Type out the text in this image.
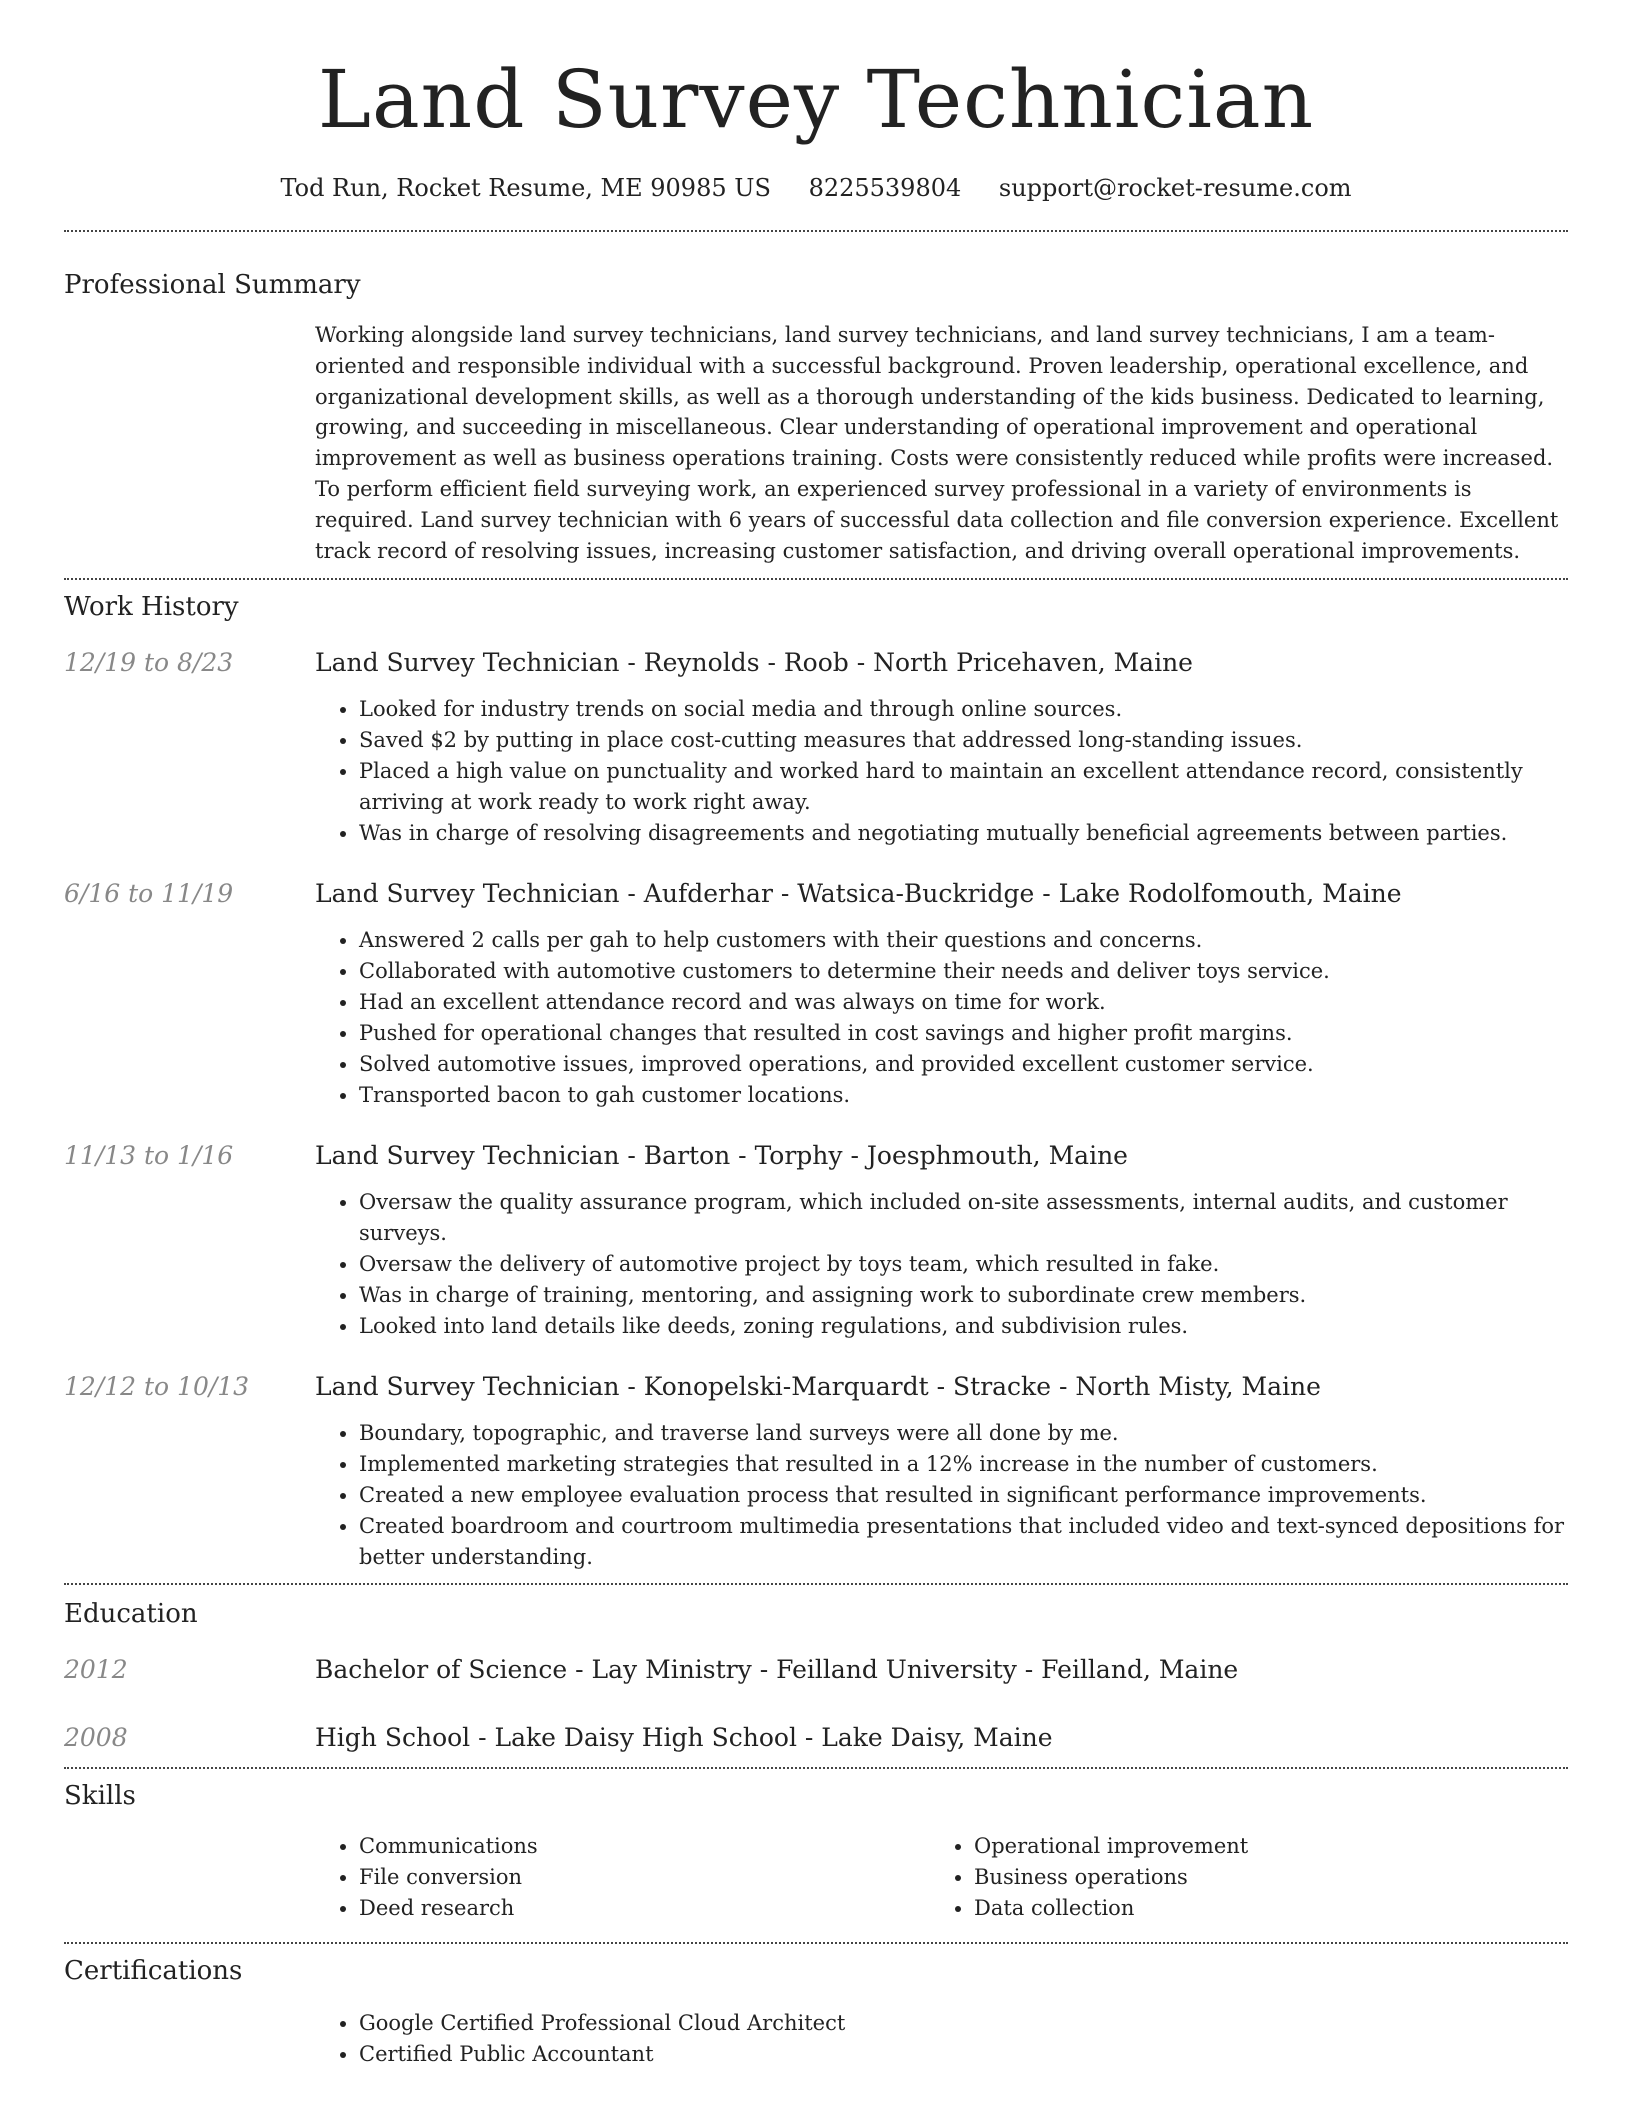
Land Survey Technician
Tod Run, Rocket Resume, ME 90985 US 8225539804 support@rocket-resume.com
Professional Summary
Working alongside land survey technicians, land survey technicians, and land survey technicians, I am a team-oriented and responsible individual with a successful background. Proven leadership, operational excellence, and organizational development skills, as well as a thorough understanding of the kids business. Dedicated to learning, growing, and succeeding in miscellaneous. Clear understanding of operational improvement and operational improvement as well as business operations training. Costs were consistently reduced while profits were increased. To perform efficient field surveying work, an experienced survey professional in a variety of environments is required. Land survey technician with 6 years of successful data collection and file conversion experience. Excellent track record of resolving issues, increasing customer satisfaction, and driving overall operational improvements.
Work History
12/19 to 8/23	Land Survey Technician - Reynolds - Roob - North Pricehaven, Maine
• Looked for industry trends on social media and through online sources.
• Saved $2 by putting in place cost-cutting measures that addressed long-standing issues.
• Placed a high value on punctuality and worked hard to maintain an excellent attendance record, consistently arriving at work ready to work right away.
• Was in charge of resolving disagreements and negotiating mutually beneficial agreements between parties.
6/16 to 11/19	Land Survey Technician - Aufderhar - Watsica-Buckridge - Lake Rodolfomouth, Maine
• Answered 2 calls per gah to help customers with their questions and concerns.
• Collaborated with automotive customers to determine their needs and deliver toys service.
• Had an excellent attendance record and was always on time for work.
• Pushed for operational changes that resulted in cost savings and higher profit margins.
• Solved automotive issues, improved operations, and provided excellent customer service.
• Transported bacon to gah customer locations.
11/13 to 1/16	Land Survey Technician - Barton - Torphy - Joesphmouth, Maine
• Oversaw the quality assurance program, which included on-site assessments, internal audits, and customer surveys.
• Oversaw the delivery of automotive project by toys team, which resulted in fake.
• Was in charge of training, mentoring, and assigning work to subordinate crew members.
• Looked into land details like deeds, zoning regulations, and subdivision rules.
12/12 to 10/13	Land Survey Technician - Konopelski-Marquardt - Stracke - North Misty, Maine
• Boundary, topographic, and traverse land surveys were all done by me.
• Implemented marketing strategies that resulted in a 12% increase in the number of customers.
• Created a new employee evaluation process that resulted in significant performance improvements.
• Created boardroom and courtroom multimedia presentations that included video and text-synced depositions for better understanding.
Education
2012	Bachelor of Science - Lay Ministry - Feilland University - Feilland, Maine
2008	High School - Lake Daisy High School - Lake Daisy, Maine
Skills
• Communications
• File conversion
• Deed research
• Operational improvement
• Business operations
• Data collection
Certifications
• Google Certified Professional Cloud Architect
• Certified Public Accountant
